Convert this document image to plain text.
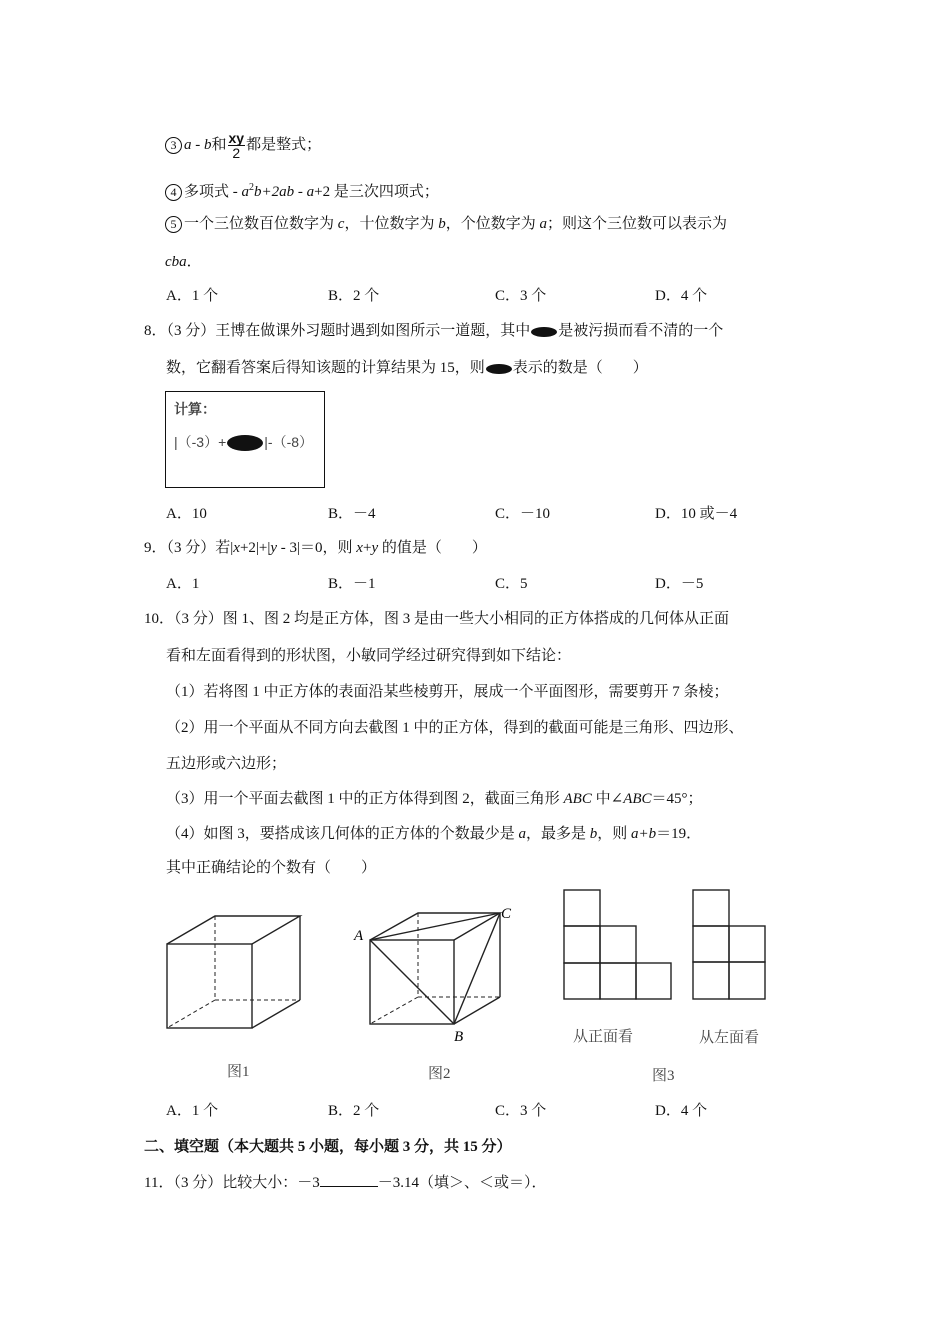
3 a - b和 $\frac{xy}{2}$ 都是整式；
4 多项式 - $a^2b+2ab - a+2$ 是三次四项式；
5 一个三位数百位数字为 c，十位数字为 b，个位数字为 a；则这个三位数可以表示为
cba．
A．1 个	B．2 个	C．3 个	D．4 个
8．（3 分）王博在做课外习题时遇到如图所示一道题，其中 是被污损而看不清的一个
数，它翻看答案后得知该题的计算结果为 15，则 表示的数是（　　）
计算：
|（-3）+	|-（-8）
A．10	B．－4	C．－10	D．10 或－4
9．（3 分）若|x+2|+|y - 3|＝0，则 x+y 的值是（　　）
A．1	B．－1	C．5	D．－5
10．（3 分）图 1、图 2 均是正方体，图 3 是由一些大小相同的正方体搭成的几何体从正面
看和左面看得到的形状图，小敏同学经过研究得到如下结论：
（1）若将图 1 中正方体的表面沿某些棱剪开，展成一个平面图形，需要剪开 7 条棱；
（2）用一个平面从不同方向去截图 1 中的正方体，得到的截面可能是三角形、四边形、
五边形或六边形；
（3）用一个平面去截图 1 中的正方体得到图 2，截面三角形 ABC 中∠ABC＝45°；
（4）如图 3，要搭成该几何体的正方体的个数最少是 a，最多是 b，则 a+b＝19．
其中正确结论的个数有（　　）
A
B
C
从正面看	从左面看
图1	图2	图3
A．1 个	B．2 个	C．3 个	D．4 个
二、填空题（本大题共 5 小题，每小题 3 分，共 15 分）
11．（3 分）比较大小：－3	－3.14（填＞、＜或＝）．
